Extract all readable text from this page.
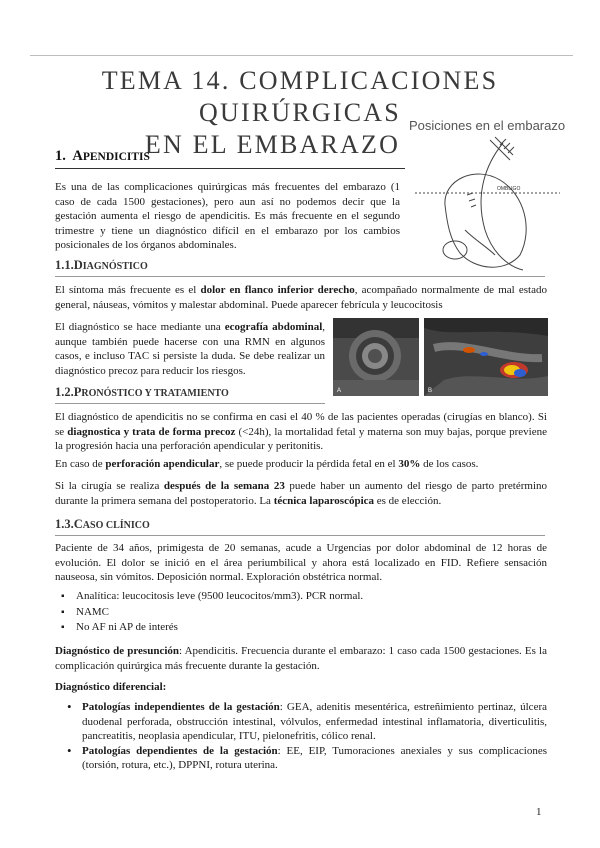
TEMA 14. COMPLICACIONES QUIRÚRGICAS

EN EL EMBARAZO
Posiciones en el embarazo
OMBLIGO
A	B
1. APENDICITIS
Es una de las complicaciones quirúrgicas más frecuentes del embarazo (1 caso de cada 1500 gestaciones), pero aun así no podemos decir que la gestación aumenta el riesgo de apendicitis. Es más frecuente en el segundo trimestre y tiene un diagnóstico difícil en el embarazo por los cambios posicionales de los órganos abdominales.
1.1.DIAGNÓSTICO
El síntoma más frecuente es el dolor en flanco inferior derecho, acompañado normalmente de mal estado general, náuseas, vómitos y malestar abdominal. Puede aparecer febrícula y leucocitosis
El diagnóstico se hace mediante una ecografía abdominal, aunque también puede hacerse con una RMN en algunos casos, e incluso TAC si persiste la duda. Se debe realizar un diagnóstico precoz para reducir los riesgos.
1.2.PRONÓSTICO Y TRATAMIENTO
El diagnóstico de apendicitis no se confirma en casi el 40 % de las pacientes operadas (cirugías en blanco). Si se diagnostica y trata de forma precoz (<24h), la mortalidad fetal y materna son muy bajas, porque previene la progresión hacia una perforación apendicular y peritonitis.
En caso de perforación apendicular, se puede producir la pérdida fetal en el 30% de los casos.
Si la cirugía se realiza después de la semana 23 puede haber un aumento del riesgo de parto pretérmino durante la primera semana del postoperatorio. La técnica laparoscópica es de elección.
1.3.CASO CLÍNICO
Paciente de 34 años, primigesta de 20 semanas, acude a Urgencias por dolor abdominal de 12 horas de evolución. El dolor se inició en el área periumbilical y ahora está localizado en FID. Refiere sensación nauseosa, sin vómitos. Deposición normal. Exploración obstétrica normal.
▪ Analítica: leucocitosis leve (9500 leucocitos/mm3). PCR normal.
▪ NAMC
▪ No AF ni AP de interés
Diagnóstico de presunción: Apendicitis. Frecuencia durante el embarazo: 1 caso cada 1500 gestaciones. Es la complicación quirúrgica más frecuente durante la gestación.
Diagnóstico diferencial:
• Patologías independientes de la gestación: GEA, adenitis mesentérica, estreñimiento pertinaz, úlcera duodenal perforada, obstrucción intestinal, vólvulos, enfermedad intestinal inflamatoria, diverticulitis, pancreatitis, neoplasia apendicular, ITU, pielonefritis, cólico renal.
• Patologías dependientes de la gestación: EE, EIP, Tumoraciones anexiales y sus complicaciones (torsión, rotura, etc.), DPPNI, rotura uterina.
1
